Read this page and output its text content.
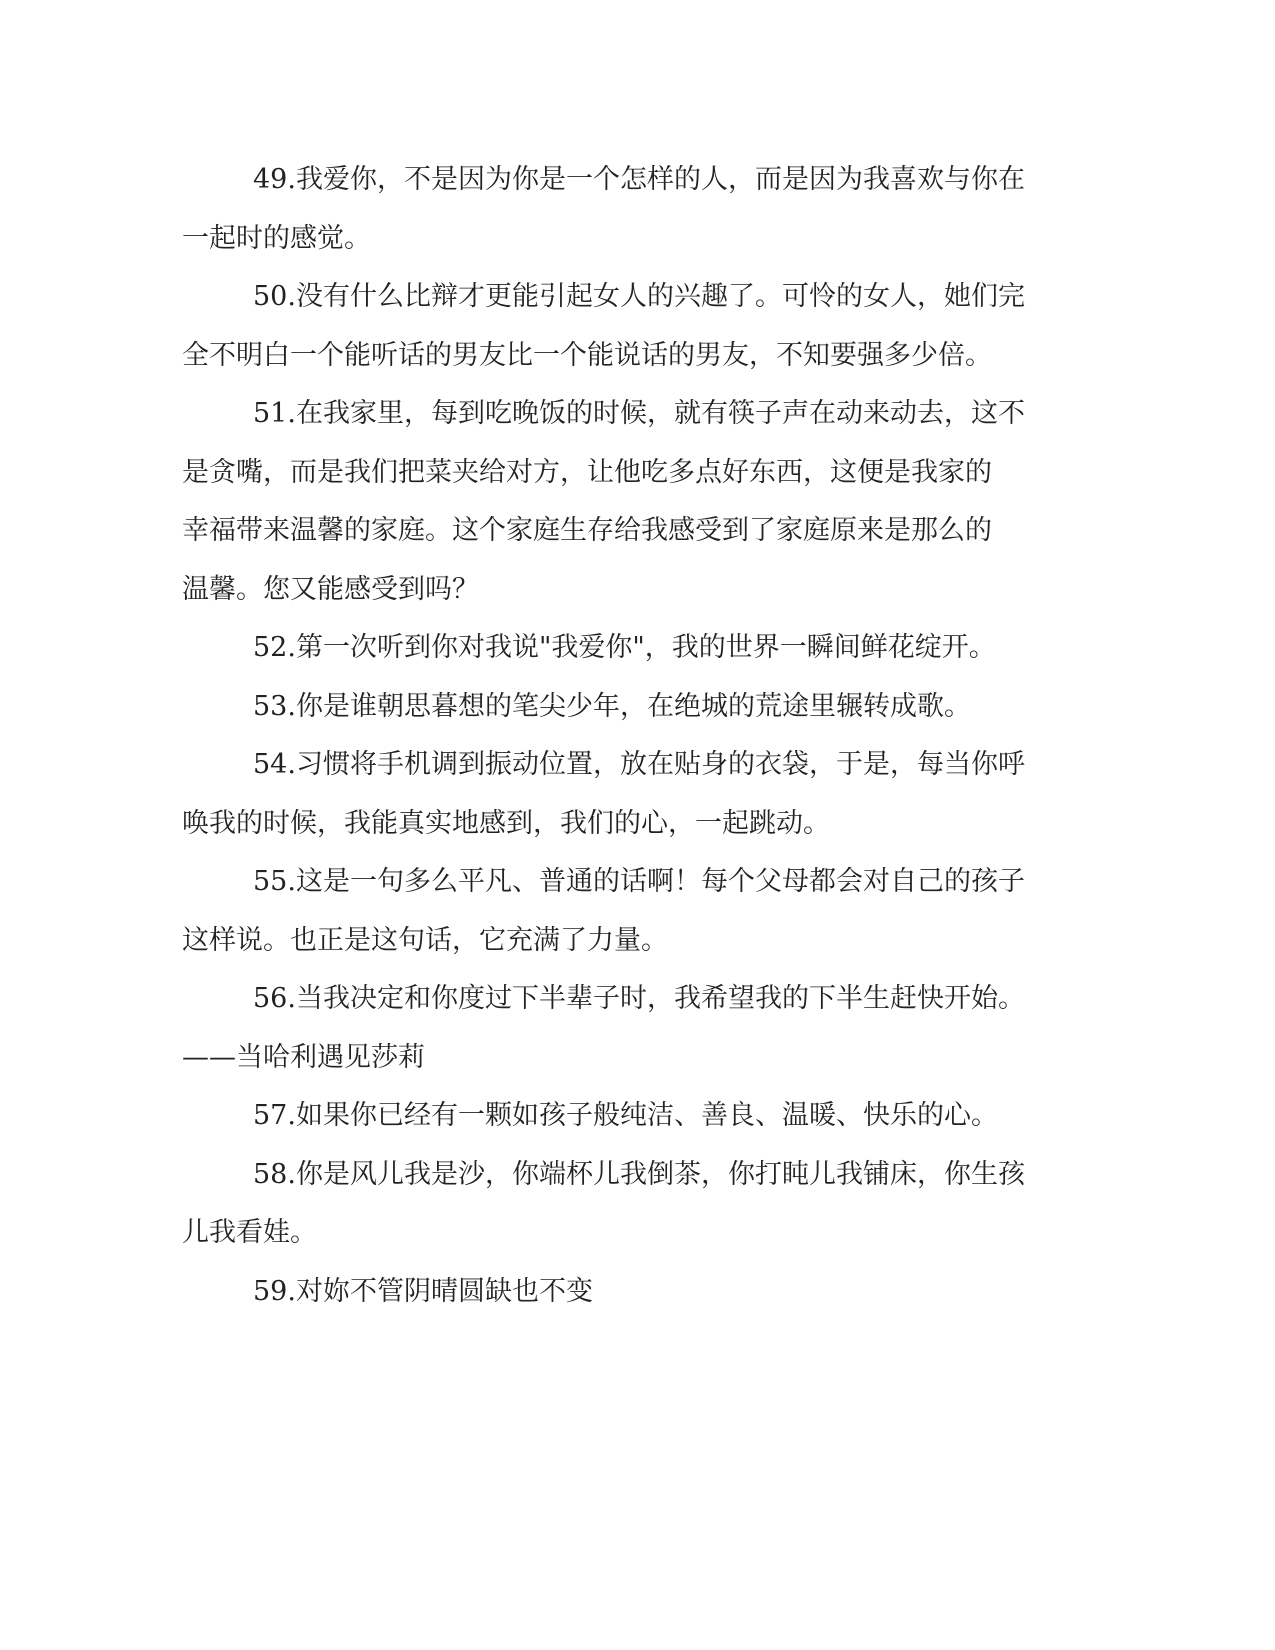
49.我爱你，不是因为你是一个怎样的人，而是因为我喜欢与你在
一起时的感觉。

50.没有什么比辩才更能引起女人的兴趣了。可怜的女人，她们完
全不明白一个能听话的男友比一个能说话的男友，不知要强多少倍。

51.在我家里，每到吃晚饭的时候，就有筷子声在动来动去，这不
是贪嘴，而是我们把菜夹给对方，让他吃多点好东西，这便是我家的
幸福带来温馨的家庭。这个家庭生存给我感受到了家庭原来是那么的
温馨。您又能感受到吗？

52.第一次听到你对我说"我爱你"，我的世界一瞬间鲜花绽开。

53.你是谁朝思暮想的笔尖少年，在绝城的荒途里辗转成歌。

54.习惯将手机调到振动位置，放在贴身的衣袋，于是，每当你呼
唤我的时候，我能真实地感到，我们的心，一起跳动。

55.这是一句多么平凡、普通的话啊！每个父母都会对自己的孩子
这样说。也正是这句话，它充满了力量。

56.当我决定和你度过下半辈子时，我希望我的下半生赶快开始。
——当哈利遇见莎莉

57.如果你已经有一颗如孩子般纯洁、善良、温暖、快乐的心。

58.你是风儿我是沙，你端杯儿我倒茶，你打盹儿我铺床，你生孩
儿我看娃。

59.对妳不管阴晴圆缺也不变
